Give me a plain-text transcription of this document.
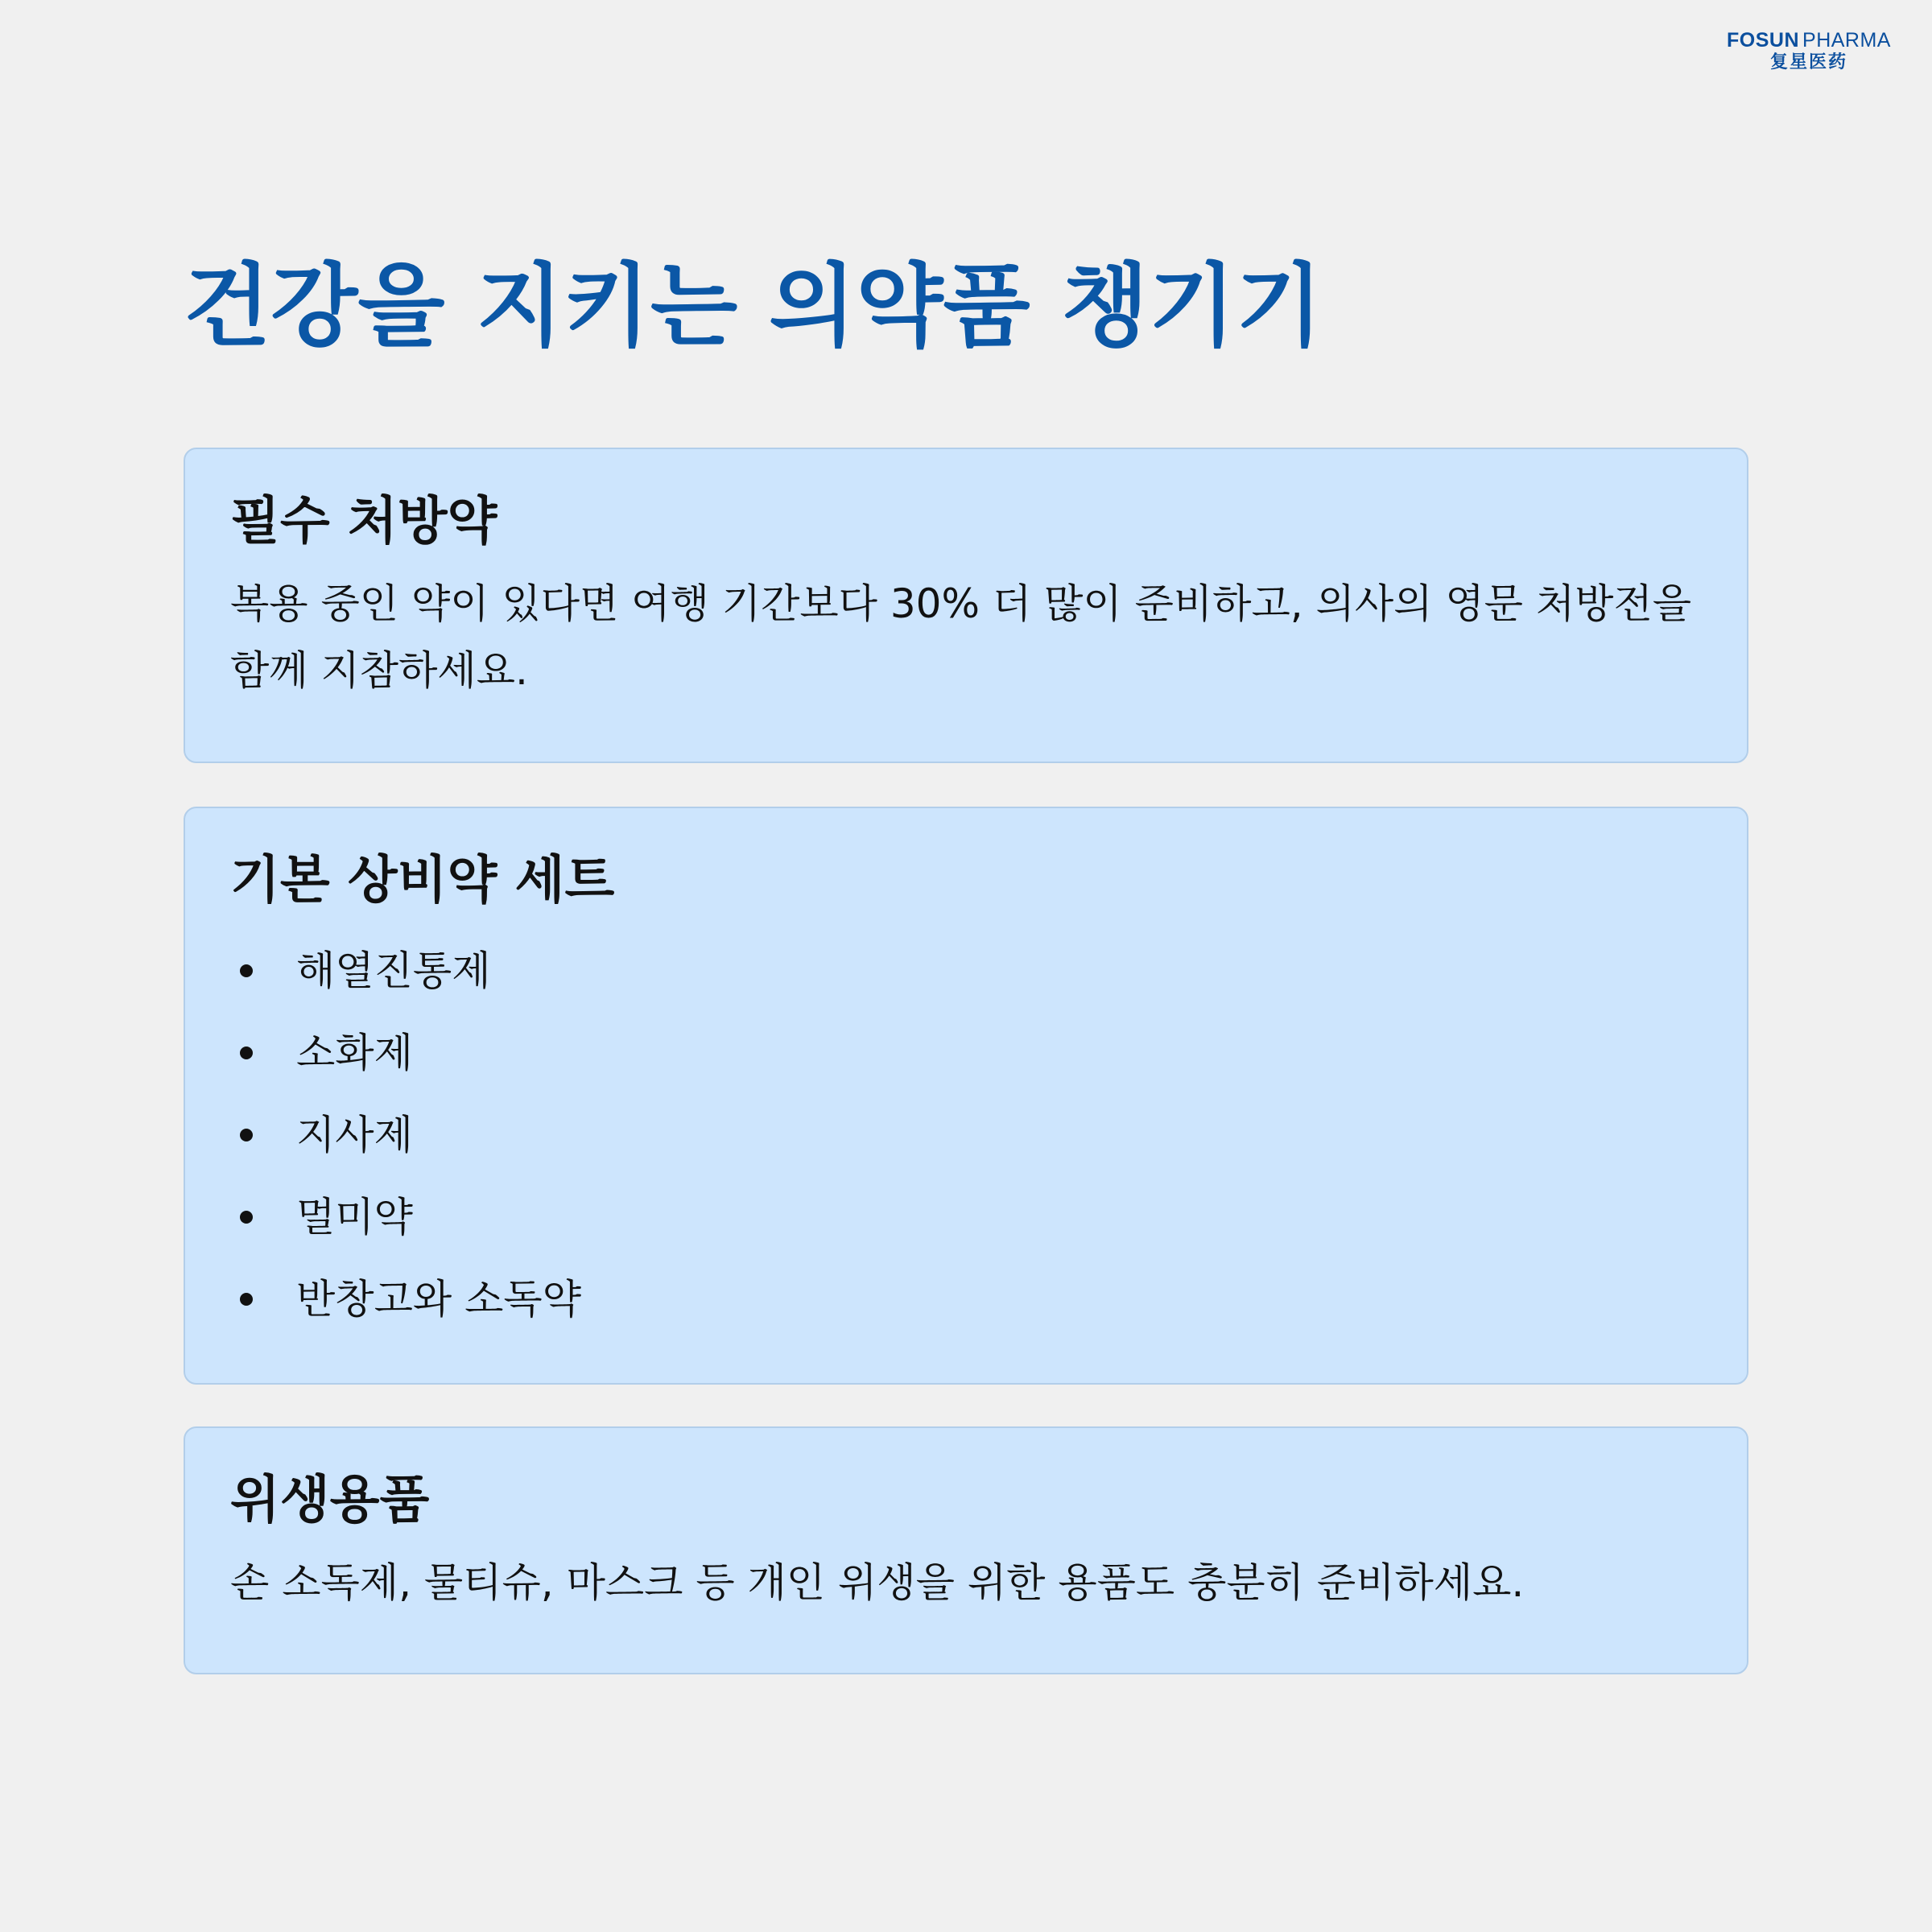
FOSUN PHARMA
复星医药
건강을 지키는 의약품 챙기기
필수 처방약

복용 중인 약이 있다면 여행 기간보다 30% 더 많이 준비하고, 의사의 영문 처방전을 함께 지참하세요.

기본 상비약 세트
해열진통제
소화제
지사제
멀미약
반창고와 소독약
위생용품

손 소독제, 물티슈, 마스크 등 개인 위생을 위한 용품도 충분히 준비하세요.
